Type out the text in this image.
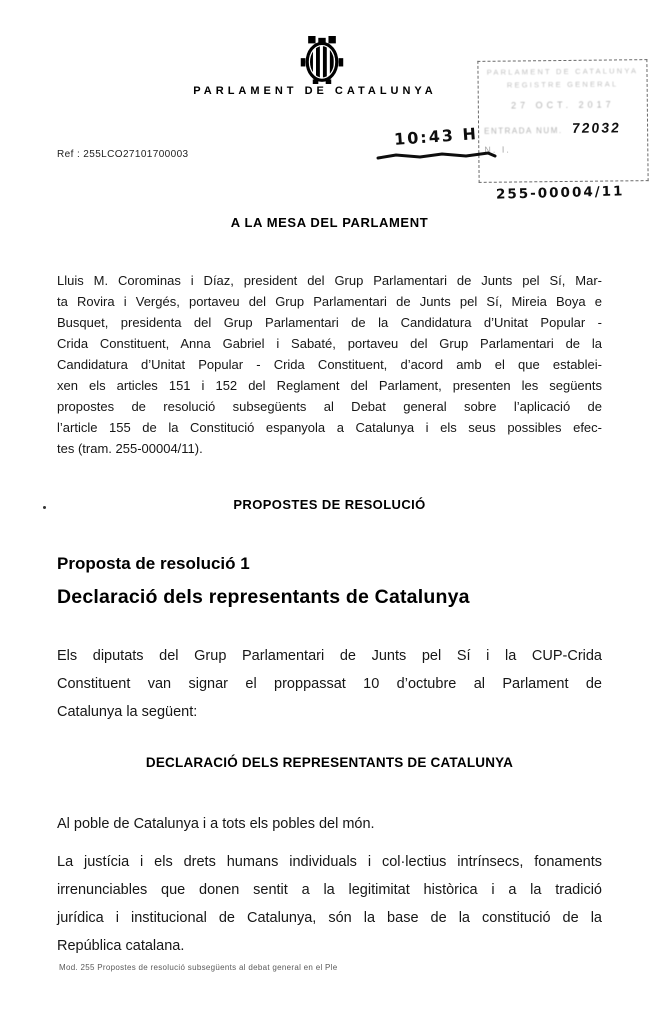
PARLAMENT DE CATALUNYA
PARLAMENT DE CATALUNYA
REGISTRE GENERAL
27 OCT. 2017
ENTRADA NUM. 72032
N. I.
10:43 H
255-00004/11
Ref : 255LCO27101700003
A LA MESA DEL PARLAMENT
Lluis M. Corominas i Díaz, president del Grup Parlamentari de Junts pel Sí, Mar-
ta Rovira i Vergés, portaveu del Grup Parlamentari de Junts pel Sí, Mireia Boya e
Busquet, presidenta del Grup Parlamentari de la Candidatura d’Unitat Popular -
Crida Constituent, Anna Gabriel i Sabaté, portaveu del Grup Parlamentari de la
Candidatura d’Unitat Popular - Crida Constituent, d’acord amb el que establei-
xen els articles 151 i 152 del Reglament del Parlament, presenten les següents
propostes de resolució subsegüents al Debat general sobre l’aplicació de
l’article 155 de la Constitució espanyola a Catalunya i els seus possibles efec-
tes (tram. 255-00004/11).
PROPOSTES DE RESOLUCIÓ
Proposta de resolució 1
Declaració dels representants de Catalunya
Els diputats del Grup Parlamentari de Junts pel Sí i la CUP-Crida
Constituent van signar el proppassat 10 d’octubre al Parlament de
Catalunya la següent:
DECLARACIÓ DELS REPRESENTANTS DE CATALUNYA
Al poble de Catalunya i a tots els pobles del món.
La justícia i els drets humans individuals i col·lectius intrínsecs, fonaments
irrenunciables que donen sentit a la legitimitat històrica i a la tradició
jurídica i institucional de Catalunya, són la base de la constitució de la
República catalana.
Mod. 255 Propostes de resolució subsegüents al debat general en el Ple
